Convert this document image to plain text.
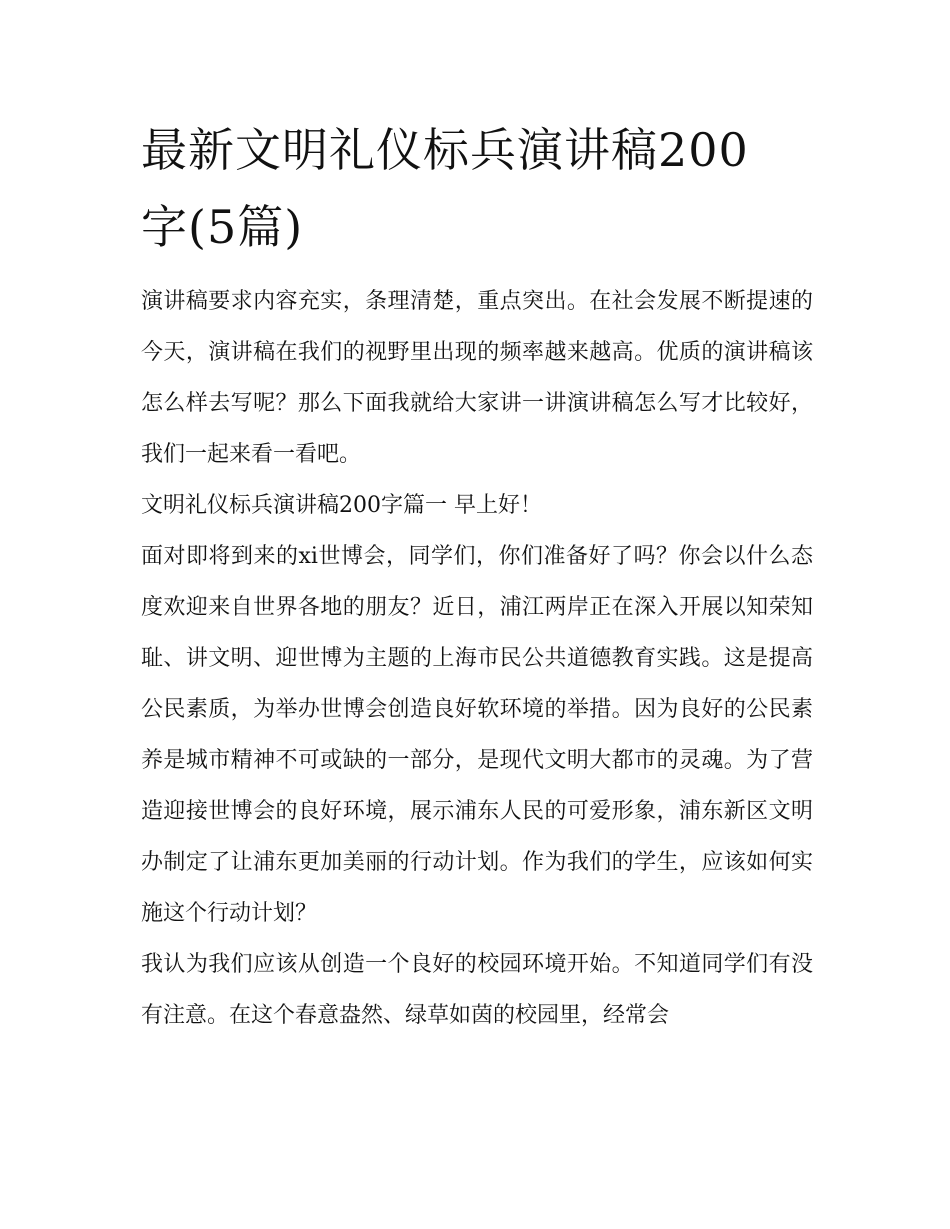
最新文明礼仪标兵演讲稿200
字(5篇)

演讲稿要求内容充实，条理清楚，重点突出。在社会发展不断提速的今天，演讲稿在我们的视野里出现的频率越来越高。优质的演讲稿该怎么样去写呢？那么下面我就给大家讲一讲演讲稿怎么写才比较好，我们一起来看一看吧。

文明礼仪标兵演讲稿200字篇一 早上好！

面对即将到来的xi世博会，同学们，你们准备好了吗？你会以什么态度欢迎来自世界各地的朋友？近日，浦江两岸正在深入开展以知荣知耻、讲文明、迎世博为主题的上海市民公共道德教育实践。这是提高公民素质，为举办世博会创造良好软环境的举措。因为良好的公民素养是城市精神不可或缺的一部分，是现代文明大都市的灵魂。为了营造迎接世博会的良好环境，展示浦东人民的可爱形象，浦东新区文明办制定了让浦东更加美丽的行动计划。作为我们的学生，应该如何实施这个行动计划？

我认为我们应该从创造一个良好的校园环境开始。不知道同学们有没有注意。在这个春意盎然、绿草如茵的校园里，经常会
